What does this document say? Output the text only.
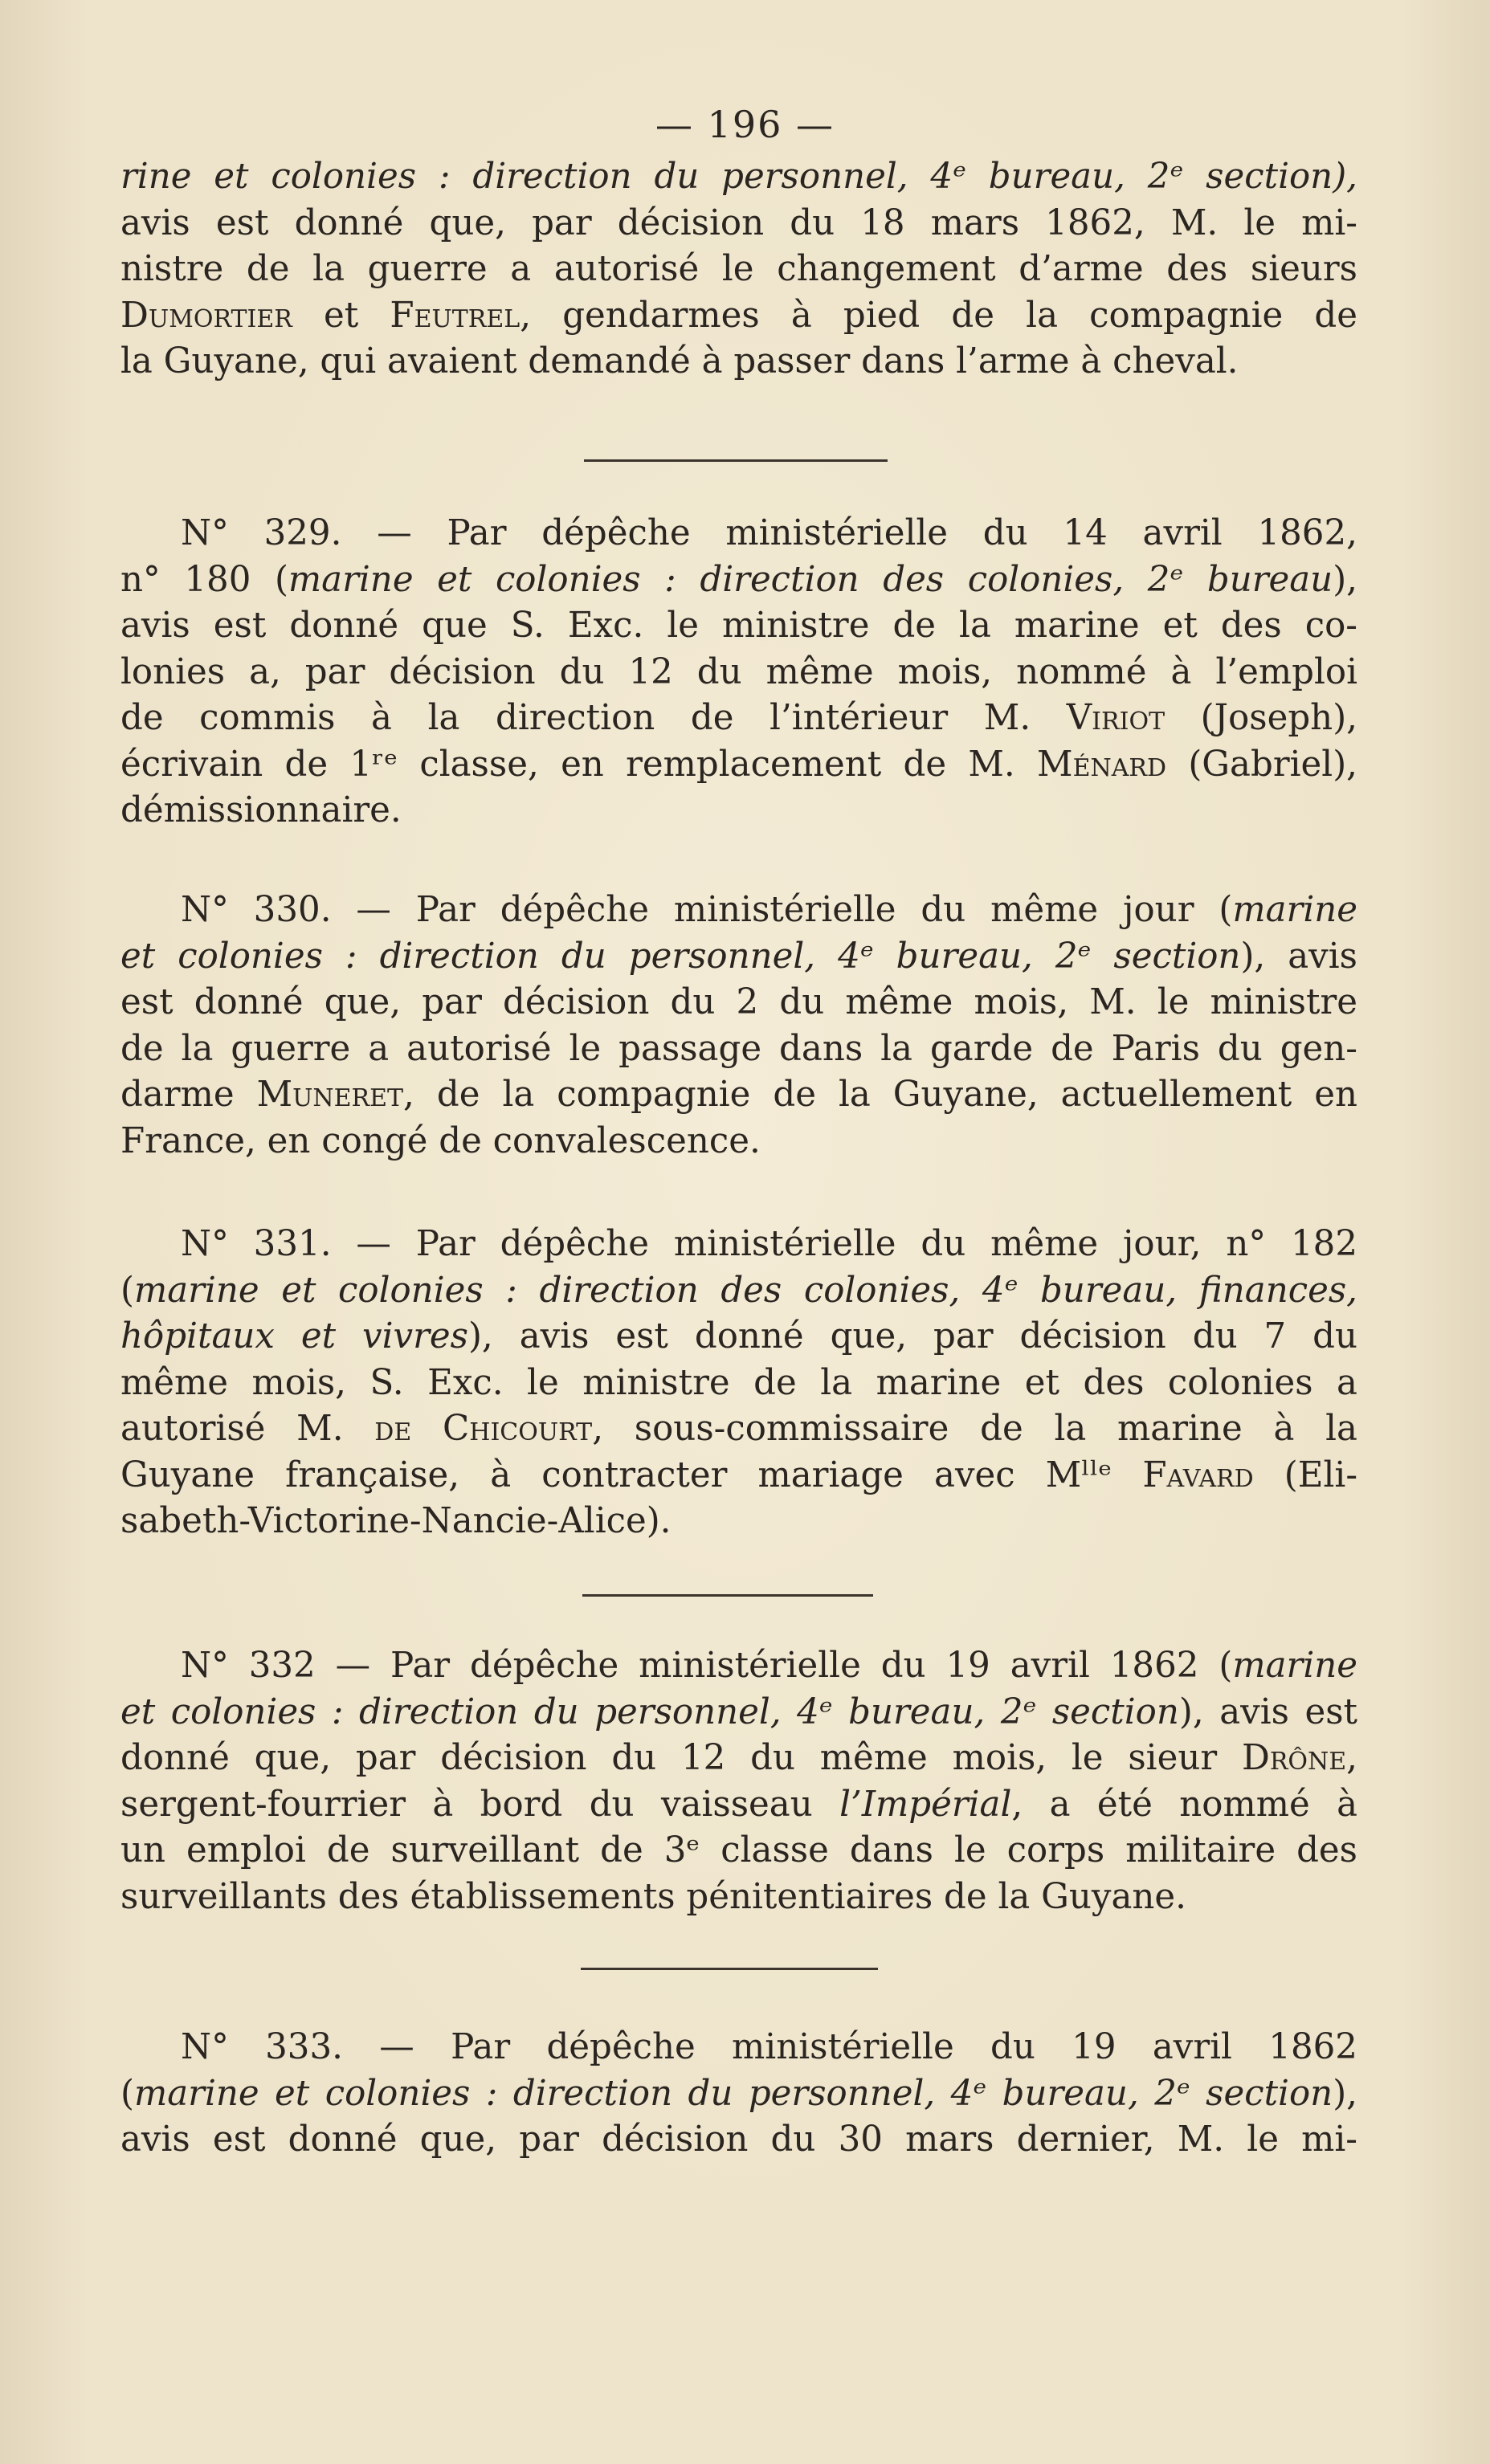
— 196 —
rine et colonies : direction du personnel, 4ᵉ bureau, 2ᵉ section),
avis est donné que, par décision du 18 mars 1862, M. le mi-
nistre de la guerre a autorisé le changement d’arme des sieurs
Dumortier et Feutrel, gendarmes à pied de la compagnie de
la Guyane, qui avaient demandé à passer dans l’arme à cheval.
N° 329. — Par dépêche ministérielle du 14 avril 1862,
n° 180 (marine et colonies : direction des colonies, 2ᵉ bureau),
avis est donné que S. Exc. le ministre de la marine et des co-
lonies a, par décision du 12 du même mois, nommé à l’emploi
de commis à la direction de l’intérieur M. Viriot (Joseph),
écrivain de 1ʳᵉ classe, en remplacement de M. Ménard (Gabriel),
démissionnaire.
N° 330. — Par dépêche ministérielle du même jour (marine
et colonies : direction du personnel, 4ᵉ bureau, 2ᵉ section), avis
est donné que, par décision du 2 du même mois, M. le ministre
de la guerre a autorisé le passage dans la garde de Paris du gen-
darme Muneret, de la compagnie de la Guyane, actuellement en
France, en congé de convalescence.
N° 331. — Par dépêche ministérielle du même jour, n° 182
(marine et colonies : direction des colonies, 4ᵉ bureau, finances,
hôpitaux et vivres), avis est donné que, par décision du 7 du
même mois, S. Exc. le ministre de la marine et des colonies a
autorisé M. de Chicourt, sous-commissaire de la marine à la
Guyane française, à contracter mariage avec Mˡˡᵉ Favard (Eli-
sabeth-Victorine-Nancie-Alice).
N° 332 — Par dépêche ministérielle du 19 avril 1862 (marine
et colonies : direction du personnel, 4ᵉ bureau, 2ᵉ section), avis est
donné que, par décision du 12 du même mois, le sieur Drône,
sergent-fourrier à bord du vaisseau l’Impérial, a été nommé à
un emploi de surveillant de 3ᵉ classe dans le corps militaire des
surveillants des établissements pénitentiaires de la Guyane.
N° 333. — Par dépêche ministérielle du 19 avril 1862
(marine et colonies : direction du personnel, 4ᵉ bureau, 2ᵉ section),
avis est donné que, par décision du 30 mars dernier, M. le mi-
